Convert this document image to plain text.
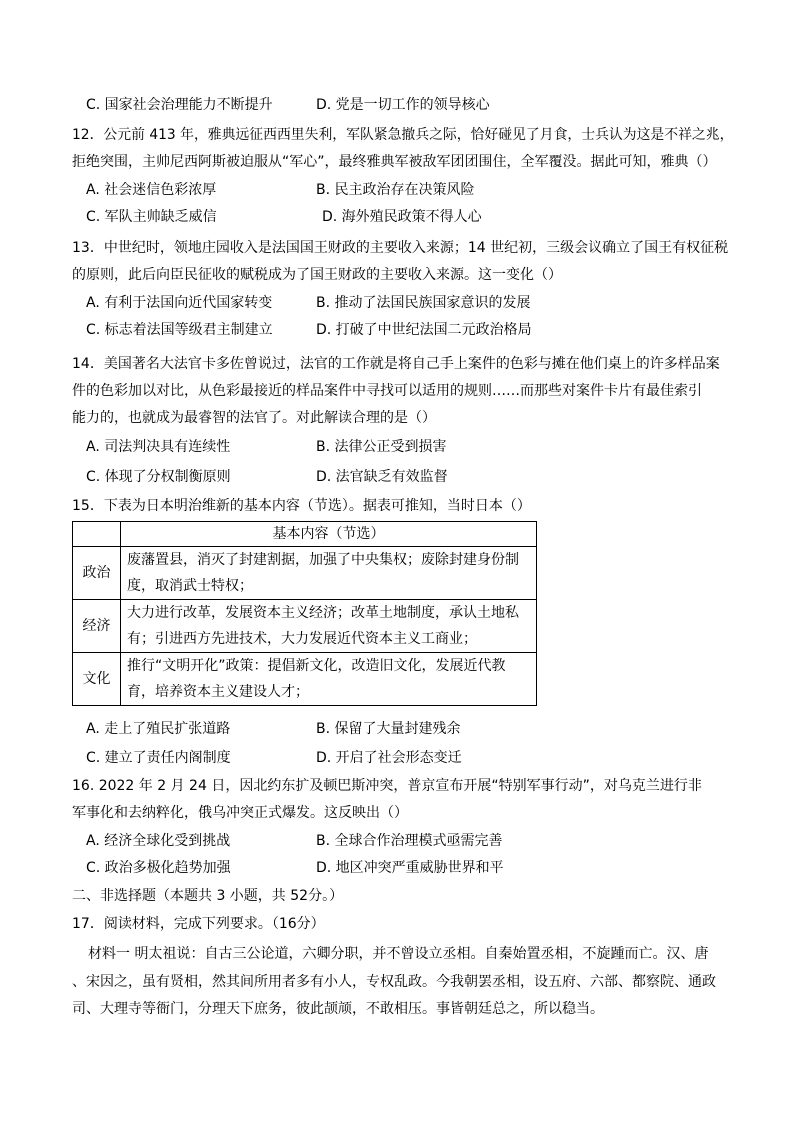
C. 国家社会治理能力不断提升	D. 党是一切工作的领导核心
12．公元前 413 年，雅典远征西西里失利，军队紧急撤兵之际，恰好碰见了月食，士兵认为这是不祥之兆，
拒绝突围，主帅尼西阿斯被迫服从“军心”，最终雅典军被敌军团团围住，全军覆没。据此可知，雅典（）
A. 社会迷信色彩浓厚	B. 民主政治存在决策风险
C. 军队主帅缺乏威信	D. 海外殖民政策不得人心
13．中世纪时，领地庄园收入是法国国王财政的主要收入来源；14 世纪初，三级会议确立了国王有权征税
的原则，此后向臣民征收的赋税成为了国王财政的主要收入来源。这一变化（）
A. 有利于法国向近代国家转变	B. 推动了法国民族国家意识的发展
C. 标志着法国等级君主制建立	D. 打破了中世纪法国二元政治格局
14．美国著名大法官卡多佐曾说过，法官的工作就是将自己手上案件的色彩与摊在他们桌上的许多样品案
件的色彩加以对比，从色彩最接近的样品案件中寻找可以适用的规则……而那些对案件卡片有最佳索引
能力的，也就成为最睿智的法官了。对此解读合理的是（）
A. 司法判决具有连续性	B. 法律公正受到损害
C. 体现了分权制衡原则	D. 法官缺乏有效监督
15．下表为日本明治维新的基本内容（节选）。据表可推知，当时日本（）
	基本内容（节选）
政治	废藩置县，消灭了封建割据，加强了中央集权；废除封建身份制度，取消武士特权；
经济	大力进行改革，发展资本主义经济；改革土地制度，承认土地私有；引进西方先进技术，大力发展近代资本主义工商业；
文化	推行“文明开化”政策：提倡新文化，改造旧文化，发展近代教育，培养资本主义建设人才；
A. 走上了殖民扩张道路	B. 保留了大量封建残余
C. 建立了责任内阁制度	D. 开启了社会形态变迁
16. 2022 年 2 月 24 日，因北约东扩及顿巴斯冲突，普京宣布开展“特别军事行动”，对乌克兰进行非
军事化和去纳粹化，俄乌冲突正式爆发。这反映出（）
A. 经济全球化受到挑战	B. 全球合作治理模式亟需完善
C. 政治多极化趋势加强	D. 地区冲突严重威胁世界和平
二、非选择题（本题共 3 小题，共 52分。）
17．阅读材料，完成下列要求。（16分）
材料一 明太祖说：自古三公论道，六卿分职，并不曾设立丞相。自秦始置丞相，不旋踵而亡。汉、唐
、宋因之，虽有贤相，然其间所用者多有小人，专权乱政。今我朝罢丞相，设五府、六部、都察院、通政
司、大理寺等衙门，分理天下庶务，彼此颉颃，不敢相压。事皆朝廷总之，所以稳当。
